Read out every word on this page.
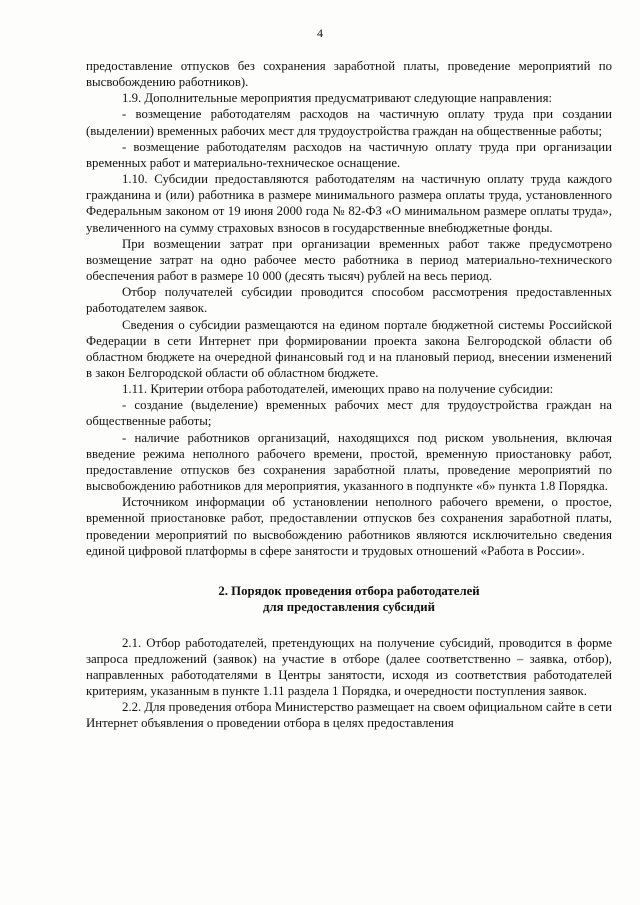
4

предоставление отпусков без сохранения заработной платы, проведение мероприятий по высвобождению работников).

1.9. Дополнительные мероприятия предусматривают следующие направления:

- возмещение работодателям расходов на частичную оплату труда при создании (выделении) временных рабочих мест для трудоустройства граждан на общественные работы;

- возмещение работодателям расходов на частичную оплату труда при организации временных работ и материально-техническое оснащение.

1.10. Субсидии предоставляются работодателям на частичную оплату труда каждого гражданина и (или) работника в размере минимального размера оплаты труда, установленного Федеральным законом от 19 июня 2000 года № 82-ФЗ «О минимальном размере оплаты труда», увеличенного на сумму страховых взносов в государственные внебюджетные фонды.

При возмещении затрат при организации временных работ также предусмотрено возмещение затрат на одно рабочее место работника в период материально-технического обеспечения работ в размере 10 000 (десять тысяч) рублей на весь период.

Отбор получателей субсидии проводится способом рассмотрения предоставленных работодателем заявок.

Сведения о субсидии размещаются на едином портале бюджетной системы Российской Федерации в сети Интернет при формировании проекта закона Белгородской области об областном бюджете на очередной финансовый год и на плановый период, внесении изменений в закон Белгородской области об областном бюджете.

1.11. Критерии отбора работодателей, имеющих право на получение субсидии:

- создание (выделение) временных рабочих мест для трудоустройства граждан на общественные работы;

- наличие работников организаций, находящихся под риском увольнения, включая введение режима неполного рабочего времени, простой, временную приостановку работ, предоставление отпусков без сохранения заработной платы, проведение мероприятий по высвобождению работников для мероприятия, указанного в подпункте «б» пункта 1.8 Порядка.

Источником информации об установлении неполного рабочего времени, о простое, временной приостановке работ, предоставлении отпусков без сохранения заработной платы, проведении мероприятий по высвобождению работников являются исключительно сведения единой цифровой платформы в сфере занятости и трудовых отношений «Работа в России».

2. Порядок проведения отбора работодателей
для предоставления субсидий

2.1. Отбор работодателей, претендующих на получение субсидий, проводится в форме запроса предложений (заявок) на участие в отборе (далее соответственно – заявка, отбор), направленных работодателями в Центры занятости, исходя из соответствия работодателей критериям, указанным в пункте 1.11 раздела 1 Порядка, и очередности поступления заявок.

2.2. Для проведения отбора Министерство размещает на своем официальном сайте в сети Интернет объявления о проведении отбора в целях предоставления
